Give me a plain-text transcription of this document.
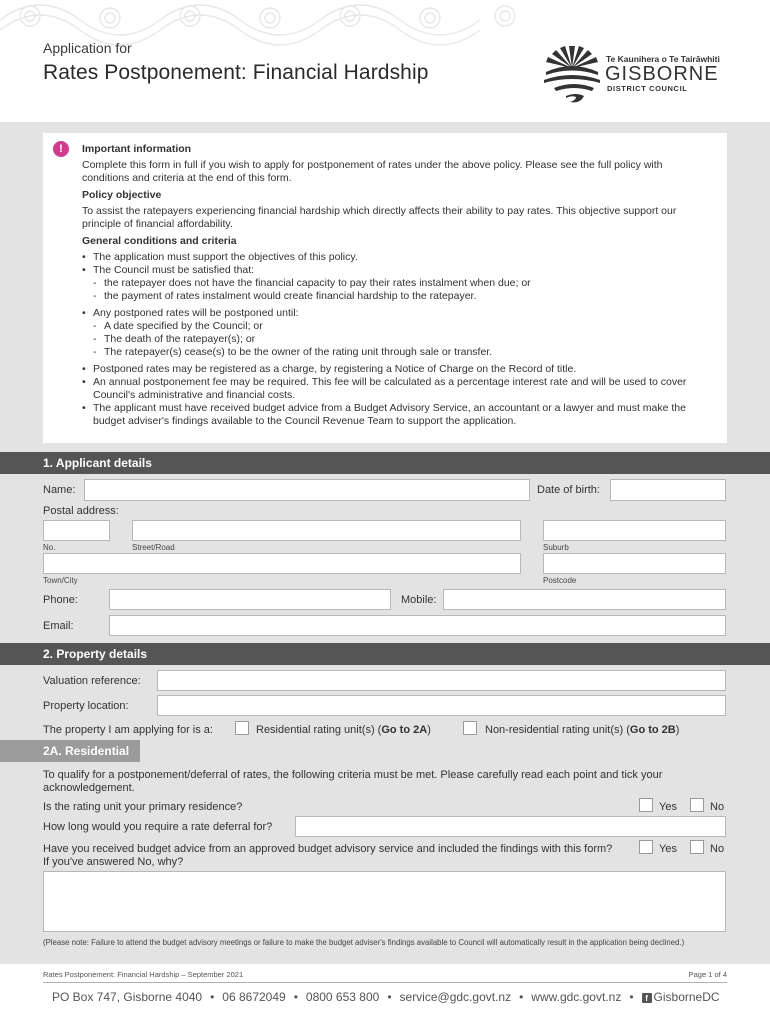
Application for
Rates Postponement: Financial Hardship
Te Kaunihera o Te Tairāwhiti
GISBORNE
DISTRICT COUNCIL
!	Important information
Complete this form in full if you wish to apply for postponement of rates under the above policy. Please see the full policy with conditions and criteria at the end of this form.
Policy objective
To assist the ratepayers experiencing financial hardship which directly affects their ability to pay rates. This objective support our principle of financial affordability.
General conditions and criteria
• The application must support the objectives of this policy.
• The Council must be satisfied that:
- the ratepayer does not have the financial capacity to pay their rates instalment when due; or
- the payment of rates instalment would create financial hardship to the ratepayer.
• Any postponed rates will be postponed until:
- A date specified by the Council; or
- The death of the ratepayer(s); or
- The ratepayer(s) cease(s) to be the owner of the rating unit through sale or transfer.
• Postponed rates may be registered as a charge, by registering a Notice of Charge on the Record of title.
• An annual postponement fee may be required. This fee will be calculated as a percentage interest rate and will be used to cover Council's administrative and financial costs.
• The applicant must have received budget advice from a Budget Advisory Service, an accountant or a lawyer and must make the budget adviser's findings available to the Council Revenue Team to support the application.
1. Applicant details
Name:	Date of birth:
Postal address:
No.	Street/Road	Suburb
Town/City	Postcode
Phone:	Mobile:
Email:
2. Property details
Valuation reference:
Property location:
The property I am applying for is a:	Residential rating unit(s) (Go to 2A)	Non-residential rating unit(s) (Go to 2B)
2A. Residential
To qualify for a postponement/deferral of rates, the following criteria must be met. Please carefully read each point and tick your acknowledgement.
Is the rating unit your primary residence?	Yes	No
How long would you require a rate deferral for?
Have you received budget advice from an approved budget advisory service and included the findings with this form?	Yes	No
If you've answered No, why?
(Please note: Failure to attend the budget advisory meetings or failure to make the budget adviser's findings available to Council will automatically result in the application being declined.)
Rates Postponement: Financial Hardship – September 2021	Page 1 of 4
PO Box 747, Gisborne 4040 • 06 8672049 • 0800 653 800 • service@gdc.govt.nz • www.gdc.govt.nz • f GisborneDC
